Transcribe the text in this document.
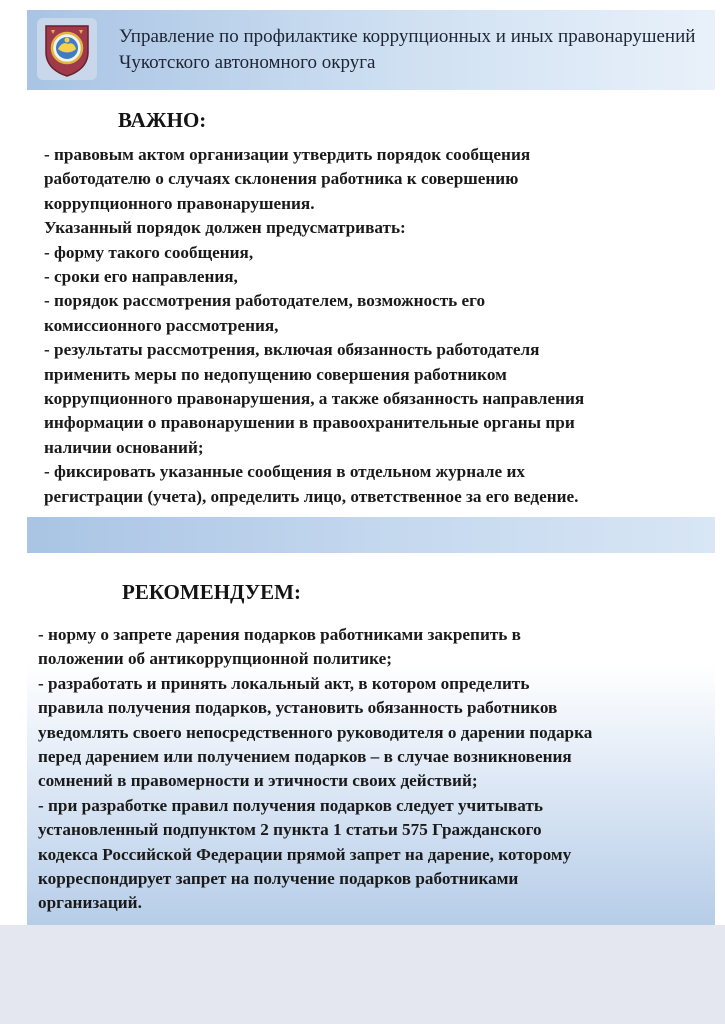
Управление по профилактике коррупционных и иных правонарушений Чукотского автономного округа
ВАЖНО:

- правовым актом организации утвердить порядок сообщения

работодателю о случаях склонения работника к совершению

коррупционного правонарушения.

Указанный порядок должен предусматривать:

- форму такого сообщения,

- сроки его направления,

- порядок рассмотрения работодателем, возможность его

комиссионного рассмотрения,

- результаты рассмотрения, включая обязанность работодателя

применить меры по недопущению совершения работником

коррупционного правонарушения, а также обязанность направления

информации о правонарушении в правоохранительные органы при

наличии оснований;

- фиксировать указанные сообщения в отдельном журнале их

регистрации (учета), определить лицо, ответственное за его ведение.

РЕКОМЕНДУЕМ:

- норму о запрете дарения подарков работниками закрепить в

положении об антикоррупционной политике;

- разработать и принять локальный акт, в котором определить

правила получения подарков, установить обязанность работников

уведомлять своего непосредственного руководителя о дарении подарка

перед дарением или получением подарков – в случае возникновения

сомнений в правомерности и этичности своих действий;

- при разработке правил получения подарков следует учитывать

установленный подпунктом 2 пункта 1 статьи 575 Гражданского

кодекса Российской Федерации прямой запрет на дарение, которому

корреспондирует запрет на получение подарков работниками

организаций.
